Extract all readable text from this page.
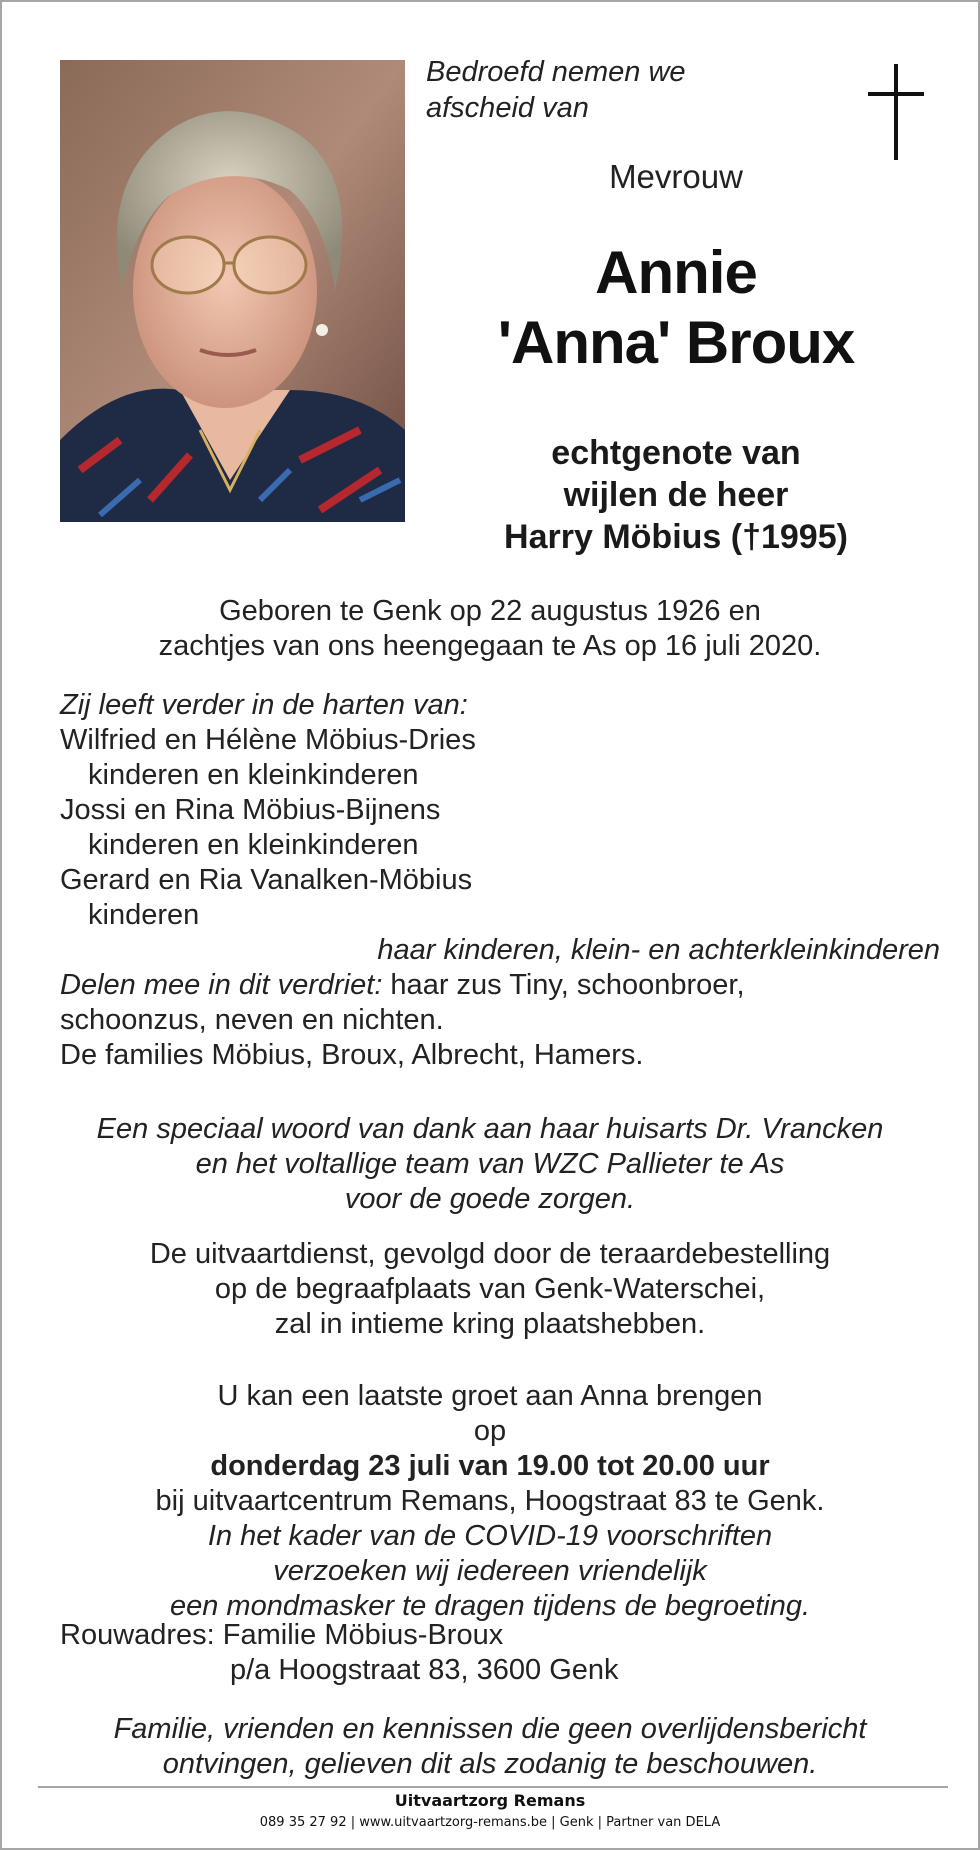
Bedroefd nemen we
afscheid van
Mevrouw
Annie
'Anna' Broux
echtgenote van
wijlen de heer
Harry Möbius (†1995)
Geboren te Genk op 22 augustus 1926 en
zachtjes van ons heengegaan te As op 16 juli 2020.
Zij leeft verder in de harten van:
Wilfried en Hélène Möbius-Dries
kinderen en kleinkinderen
Jossi en Rina Möbius-Bijnens
kinderen en kleinkinderen
Gerard en Ria Vanalken-Möbius
kinderen
haar kinderen, klein- en achterkleinkinderen
Delen mee in dit verdriet: haar zus Tiny, schoonbroer,
schoonzus, neven en nichten.
De families Möbius, Broux, Albrecht, Hamers.
Een speciaal woord van dank aan haar huisarts Dr. Vrancken
en het voltallige team van WZC Pallieter te As
voor de goede zorgen.
De uitvaartdienst, gevolgd door de teraardebestelling
op de begraafplaats van Genk-Waterschei,
zal in intieme kring plaatshebben.
U kan een laatste groet aan Anna brengen
op
donderdag 23 juli van 19.00 tot 20.00 uur
bij uitvaartcentrum Remans, Hoogstraat 83 te Genk.
In het kader van de COVID-19 voorschriften
verzoeken wij iedereen vriendelijk
een mondmasker te dragen tijdens de begroeting.
Rouwadres: Familie Möbius-Broux
p/a Hoogstraat 83, 3600 Genk
Familie, vrienden en kennissen die geen overlijdensbericht
ontvingen, gelieven dit als zodanig te beschouwen.
Uitvaartzorg Remans
089 35 27 92 | www.uitvaartzorg-remans.be | Genk | Partner van DELA
